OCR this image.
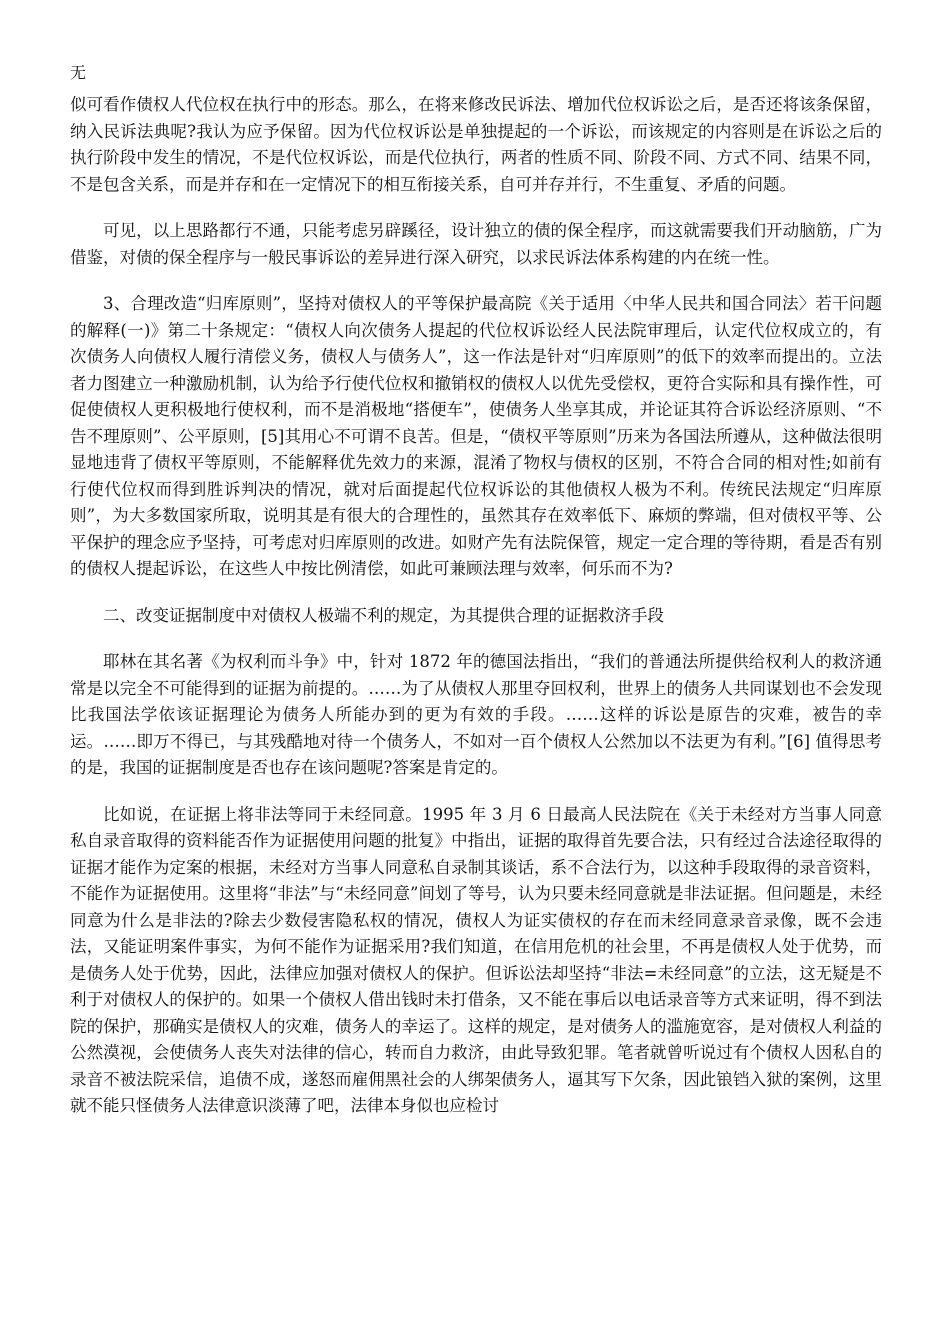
无

似可看作债权人代位权在执行中的形态。那么，在将来修改民诉法、增加代位权诉讼之后，是否还将该条保留，纳入民诉法典呢?我认为应予保留。因为代位权诉讼是单独提起的一个诉讼，而该规定的内容则是在诉讼之后的执行阶段中发生的情况，不是代位权诉讼，而是代位执行，两者的性质不同、阶段不同、方式不同、结果不同，不是包含关系，而是并存和在一定情况下的相互衔接关系，自可并存并行，不生重复、矛盾的问题。

可见，以上思路都行不通，只能考虑另辟蹊径，设计独立的债的保全程序，而这就需要我们开动脑筋，广为借鉴，对债的保全程序与一般民事诉讼的差异进行深入研究，以求民诉法体系构建的内在统一性。

3、合理改造“归库原则”，坚持对债权人的平等保护最高院《关于适用〈中华人民共和国合同法〉若干问题的解释(一)》第二十条规定：“债权人向次债务人提起的代位权诉讼经人民法院审理后，认定代位权成立的，有次债务人向债权人履行清偿义务，债权人与债务人”，这一作法是针对“归库原则”的低下的效率而提出的。立法者力图建立一种激励机制，认为给予行使代位权和撤销权的债权人以优先受偿权，更符合实际和具有操作性，可促使债权人更积极地行使权利，而不是消极地“搭便车”，使债务人坐享其成，并论证其符合诉讼经济原则、“不告不理原则”、公平原则，[5]其用心不可谓不良苦。但是，“债权平等原则”历来为各国法所遵从，这种做法很明显地违背了债权平等原则，不能解释优先效力的来源，混淆了物权与债权的区别，不符合合同的相对性;如前有行使代位权而得到胜诉判决的情况，就对后面提起代位权诉讼的其他债权人极为不利。传统民法规定“归库原则”，为大多数国家所取，说明其是有很大的合理性的，虽然其存在效率低下、麻烦的弊端，但对债权平等、公平保护的理念应予坚持，可考虑对归库原则的改进。如财产先有法院保管，规定一定合理的等待期，看是否有别的债权人提起诉讼，在这些人中按比例清偿，如此可兼顾法理与效率，何乐而不为?

二、改变证据制度中对债权人极端不利的规定，为其提供合理的证据救济手段

耶林在其名著《为权利而斗争》中，针对 1872 年的德国法指出，“我们的普通法所提供给权利人的救济通常是以完全不可能得到的证据为前提的。……为了从债权人那里夺回权利，世界上的债务人共同谋划也不会发现比我国法学依该证据理论为债务人所能办到的更为有效的手段。……这样的诉讼是原告的灾难，被告的幸运。……即万不得已，与其残酷地对待一个债务人，不如对一百个债权人公然加以不法更为有利。”[6] 值得思考的是，我国的证据制度是否也存在该问题呢?答案是肯定的。

比如说，在证据上将非法等同于未经同意。1995 年 3 月 6 日最高人民法院在《关于未经对方当事人同意私自录音取得的资料能否作为证据使用问题的批复》中指出，证据的取得首先要合法，只有经过合法途径取得的证据才能作为定案的根据，未经对方当事人同意私自录制其谈话，系不合法行为，以这种手段取得的录音资料，不能作为证据使用。这里将“非法”与“未经同意”间划了等号，认为只要未经同意就是非法证据。但问题是，未经同意为什么是非法的?除去少数侵害隐私权的情况，债权人为证实债权的存在而未经同意录音录像，既不会违法，又能证明案件事实，为何不能作为证据采用?我们知道，在信用危机的社会里，不再是债权人处于优势，而是债务人处于优势，因此，法律应加强对债权人的保护。但诉讼法却坚持“非法=未经同意”的立法，这无疑是不利于对债权人的保护的。如果一个债权人借出钱时未打借条，又不能在事后以电话录音等方式来证明，得不到法院的保护，那确实是债权人的灾难，债务人的幸运了。这样的规定，是对债务人的滥施宽容，是对债权人利益的公然漠视，会使债务人丧失对法律的信心，转而自力救济，由此导致犯罪。笔者就曾听说过有个债权人因私自的录音不被法院采信，追债不成，遂怒而雇佣黑社会的人绑架债务人，逼其写下欠条，因此锒铛入狱的案例，这里就不能只怪债务人法律意识淡薄了吧，法律本身似也应检讨
